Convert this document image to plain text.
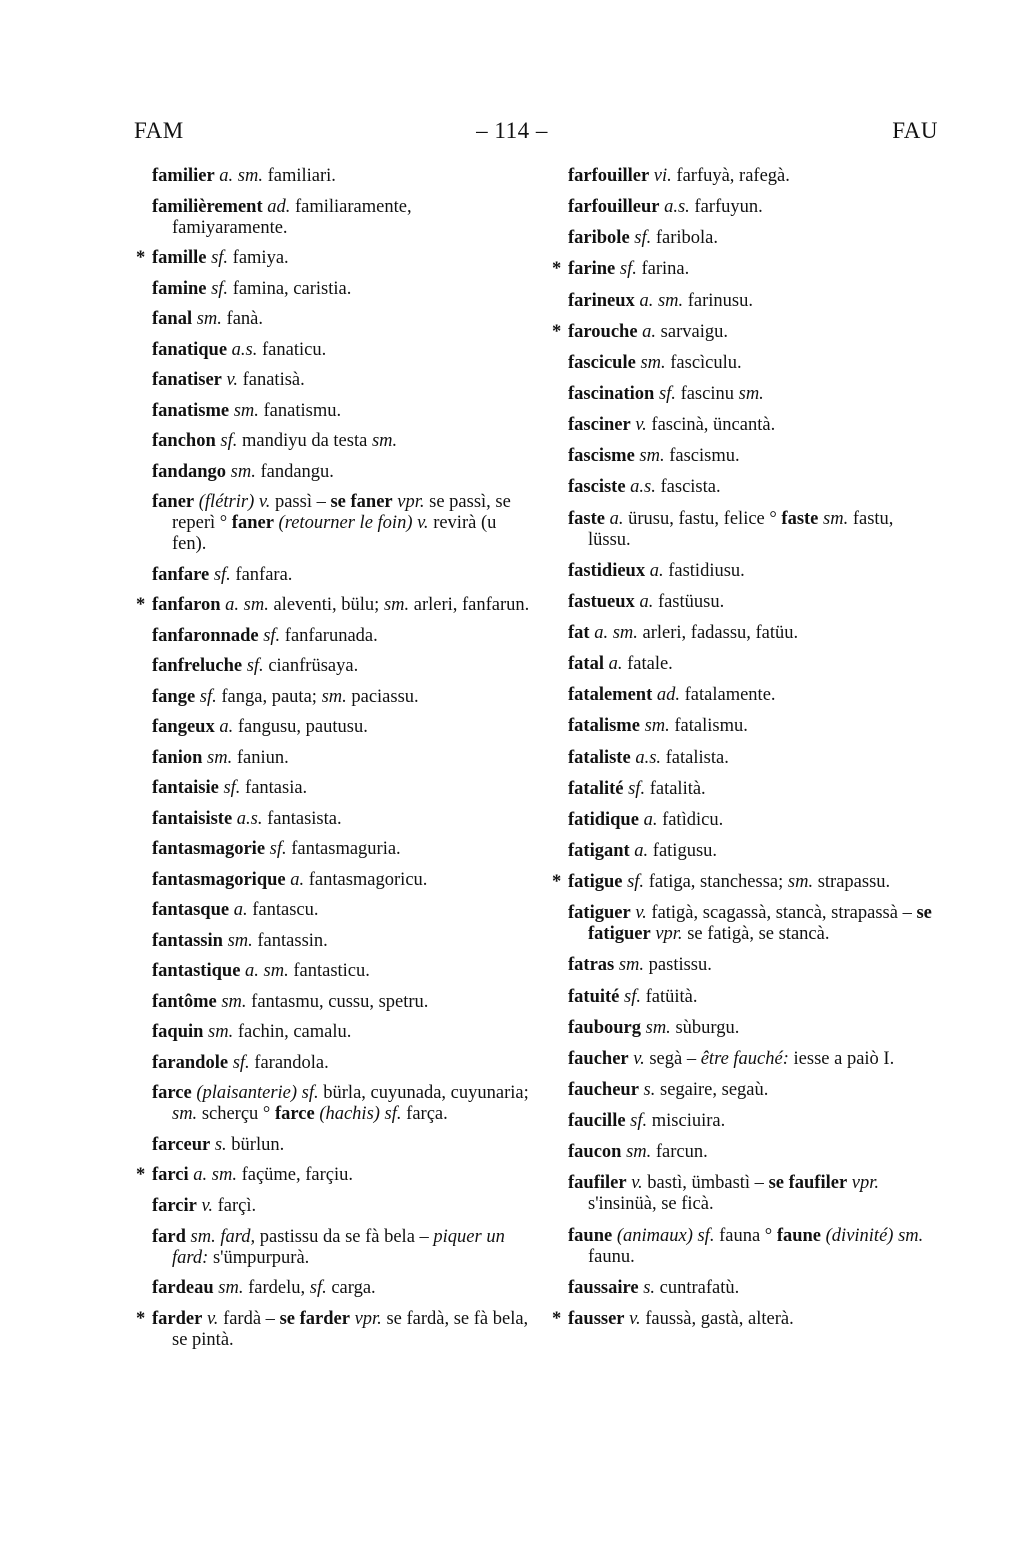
FAM	– 114 –	FAU

familier a. sm. familiari.

familièrement ad. familiaramente, famiyaramente.

* famille sf. famiya.

famine sf. famina, caristia.

fanal sm. fanà.

fanatique a.s. fanaticu.

fanatiser v. fanatisà.

fanatisme sm. fanatismu.

fanchon sf. mandiyu da testa sm.

fandango sm. fandangu.

faner (flétrir) v. passì – se faner vpr. se passì, se reperì ° faner (retourner le foin) v. revirà (u fen).

fanfare sf. fanfara.

* fanfaron a. sm. aleventi, bülu; sm. arleri, fanfarun.

fanfaronnade sf. fanfarunada.

fanfreluche sf. cianfrüsaya.

fange sf. fanga, pauta; sm. paciassu.

fangeux a. fangusu, pautusu.

fanion sm. faniun.

fantaisie sf. fantasia.

fantaisiste a.s. fantasista.

fantasmagorie sf. fantasmaguria.

fantasmagorique a. fantasmagoricu.

fantasque a. fantascu.

fantassin sm. fantassin.

fantastique a. sm. fantasticu.

fantôme sm. fantasmu, cussu, spetru.

faquin sm. fachin, camalu.

farandole sf. farandola.

farce (plaisanterie) sf. bürla, cuyunada, cuyunaria; sm. scherçu ° farce (hachis) sf. farça.

farceur s. bürlun.

* farci a. sm. façüme, farçiu.

farcir v. farçì.

fard sm. fard, pastissu da se fà bela – piquer un fard: s'ümpurpurà.

fardeau sm. fardelu, sf. carga.

* farder v. fardà – se farder vpr. se fardà, se fà bela, se pintà.

farfouiller vi. farfuyà, rafegà.

farfouilleur a.s. farfuyun.

faribole sf. faribola.

* farine sf. farina.

farineux a. sm. farinusu.

* farouche a. sarvaigu.

fascicule sm. fascìculu.

fascination sf. fascinu sm.

fasciner v. fascinà, üncantà.

fascisme sm. fascismu.

fasciste a.s. fascista.

faste a. ürusu, fastu, felice ° faste sm. fastu, lüssu.

fastidieux a. fastidiusu.

fastueux a. fastüusu.

fat a. sm. arleri, fadassu, fatüu.

fatal a. fatale.

fatalement ad. fatalamente.

fatalisme sm. fatalismu.

fataliste a.s. fatalista.

fatalité sf. fatalità.

fatidique a. fatìdicu.

fatigant a. fatigusu.

* fatigue sf. fatiga, stanchessa; sm. strapassu.

fatiguer v. fatigà, scagassà, stancà, strapassà – se fatiguer vpr. se fatigà, se stancà.

fatras sm. pastissu.

fatuité sf. fatüità.

faubourg sm. sùburgu.

faucher v. segà – être fauché: iesse a paiò I.

faucheur s. segaire, segaù.

faucille sf. misciuira.

faucon sm. farcun.

faufiler v. bastì, ümbastì – se faufiler vpr. s'insinüà, se ficà.

faune (animaux) sf. fauna ° faune (divinité) sm. faunu.

faussaire s. cuntrafatù.

* fausser v. faussà, gastà, alterà.
